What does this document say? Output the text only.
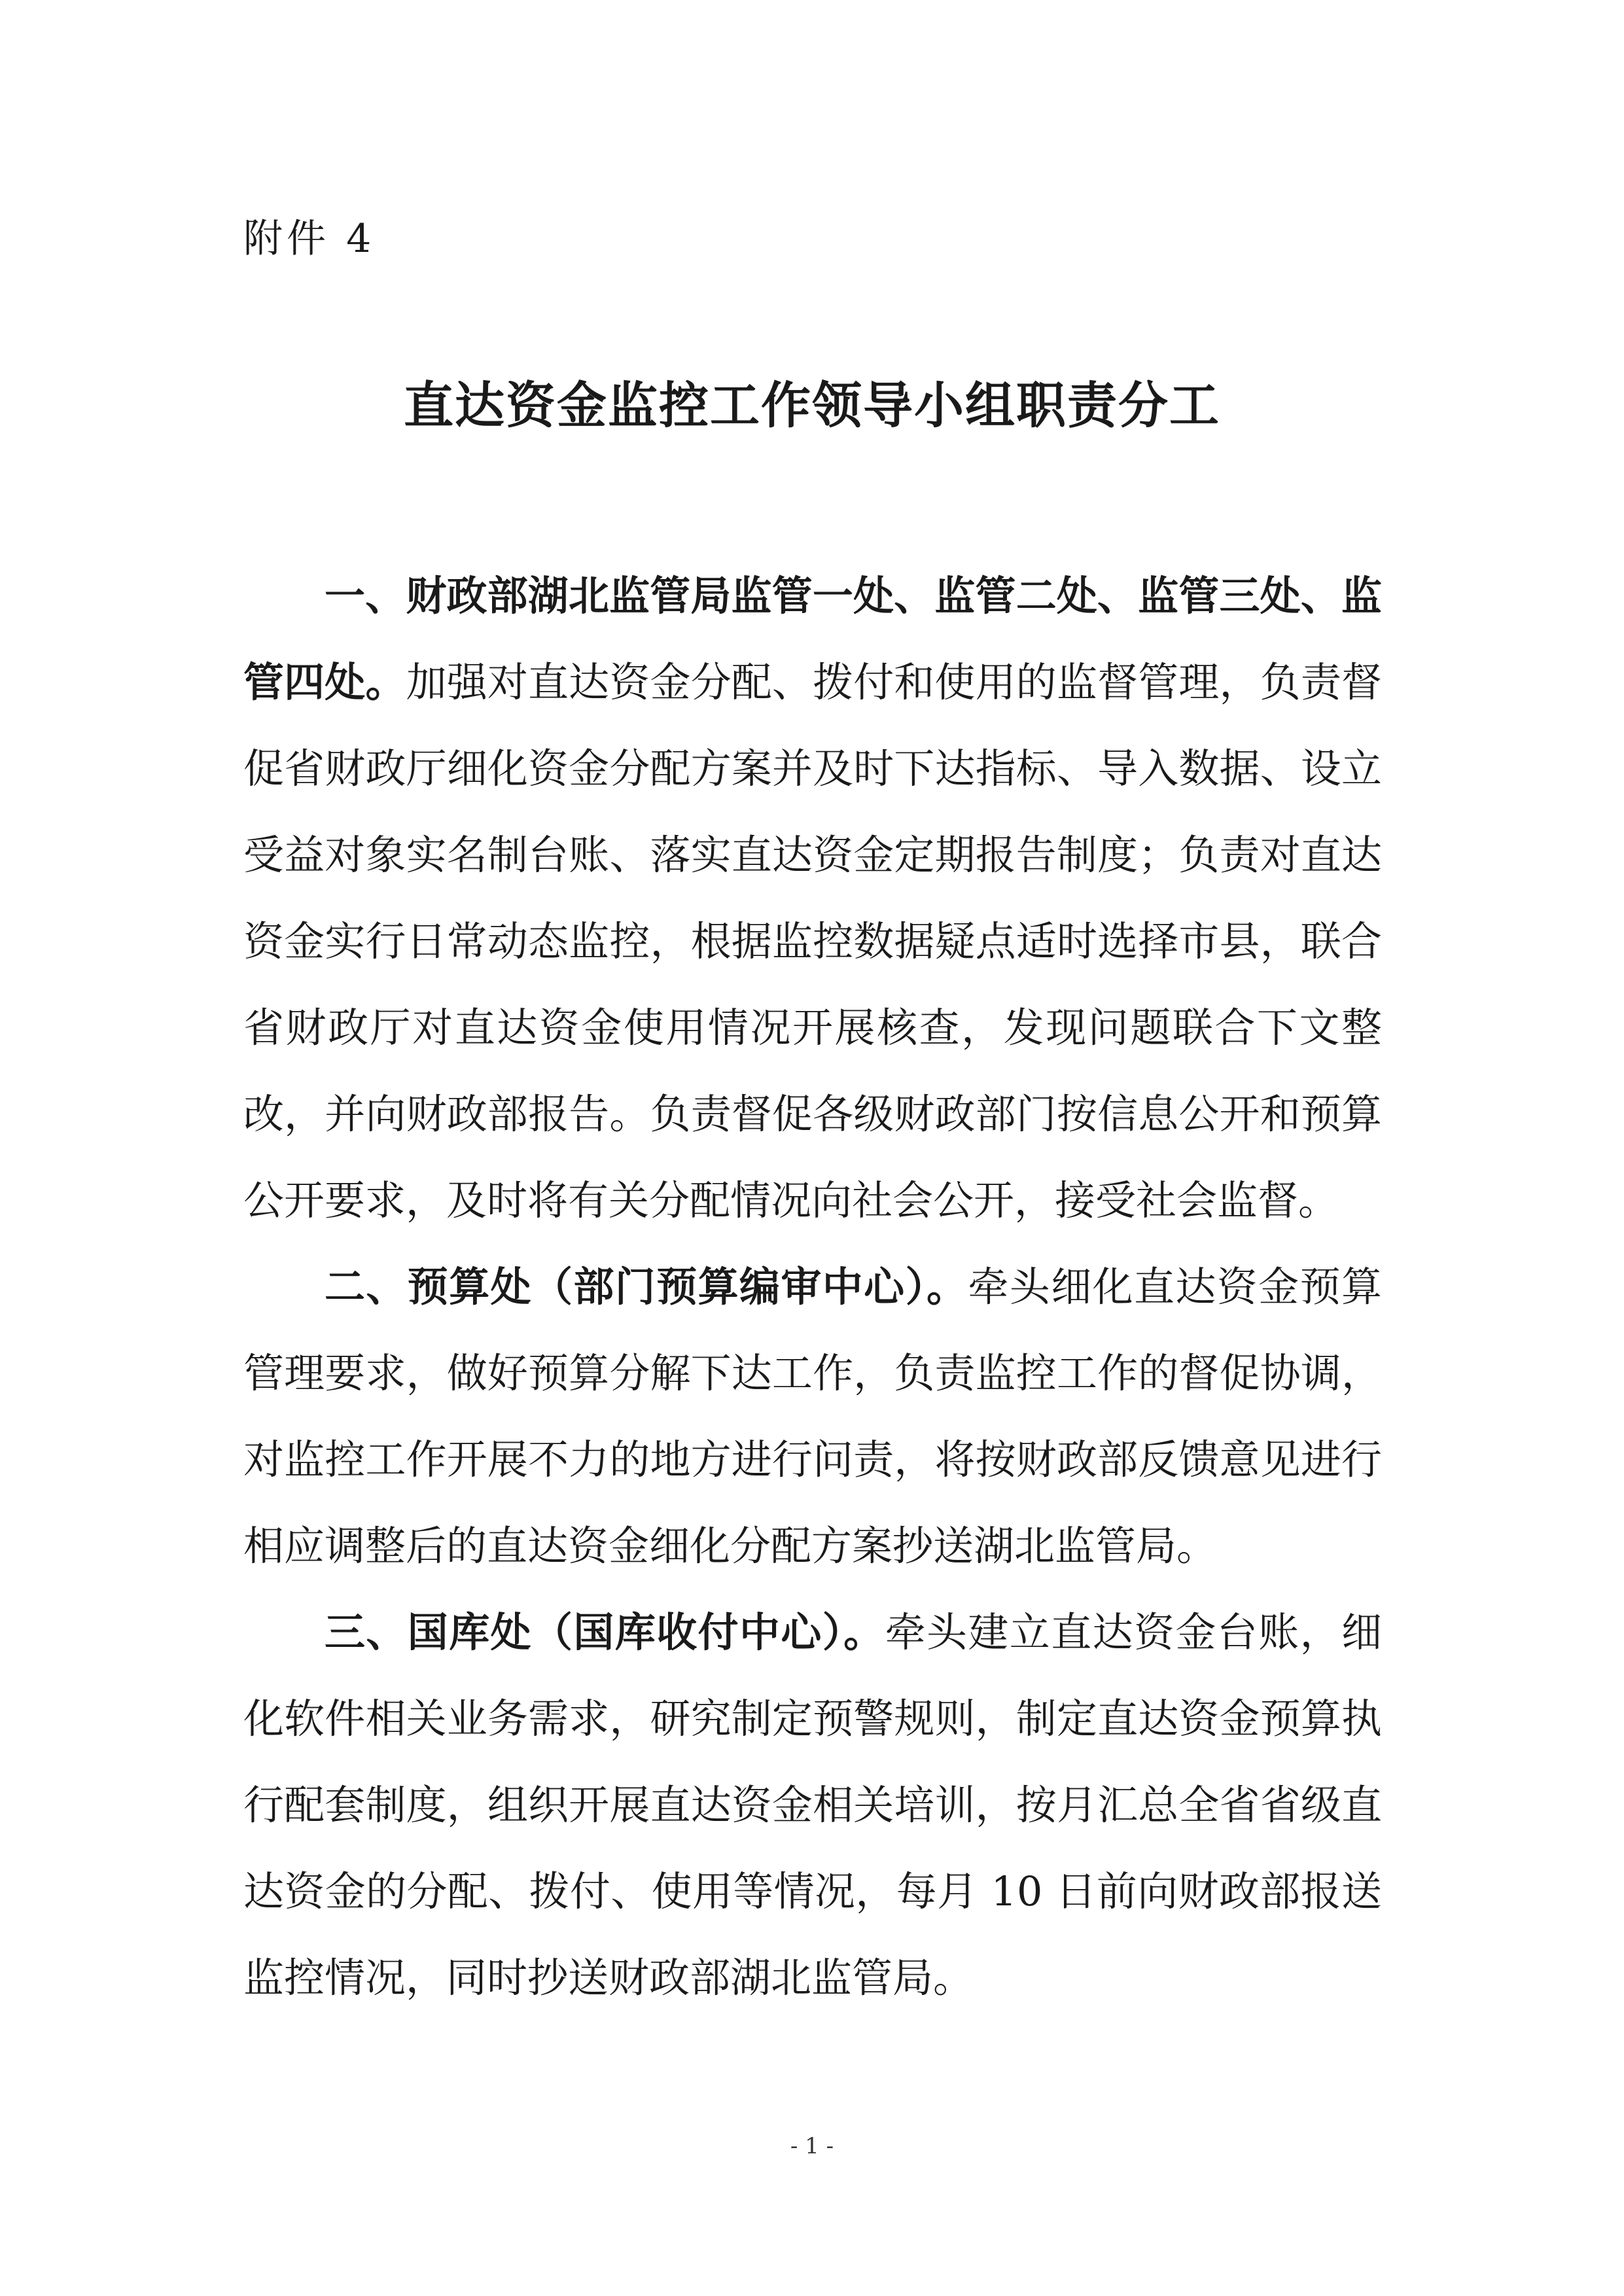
附件 4
直达资金监控工作领导小组职责分工

一、财政部湖北监管局监管一处、监管二处、监管三处、监管四处。加强对直达资金分配、拨付和使用的监督管理，负责督促省财政厅细化资金分配方案并及时下达指标、导入数据、设立受益对象实名制台账、落实直达资金定期报告制度；负责对直达资金实行日常动态监控，根据监控数据疑点适时选择市县，联合省财政厅对直达资金使用情况开展核查，发现问题联合下文整改，并向财政部报告。负责督促各级财政部门按信息公开和预算公开要求，及时将有关分配情况向社会公开，接受社会监督。

二、预算处（部门预算编审中心）。牵头细化直达资金预算管理要求，做好预算分解下达工作，负责监控工作的督促协调，对监控工作开展不力的地方进行问责，将按财政部反馈意见进行相应调整后的直达资金细化分配方案抄送湖北监管局。

三、国库处（国库收付中心）。牵头建立直达资金台账，细化软件相关业务需求，研究制定预警规则，制定直达资金预算执行配套制度，组织开展直达资金相关培训，按月汇总全省省级直达资金的分配、拨付、使用等情况，每月 10 日前向财政部报送监控情况，同时抄送财政部湖北监管局。

- 1 -
